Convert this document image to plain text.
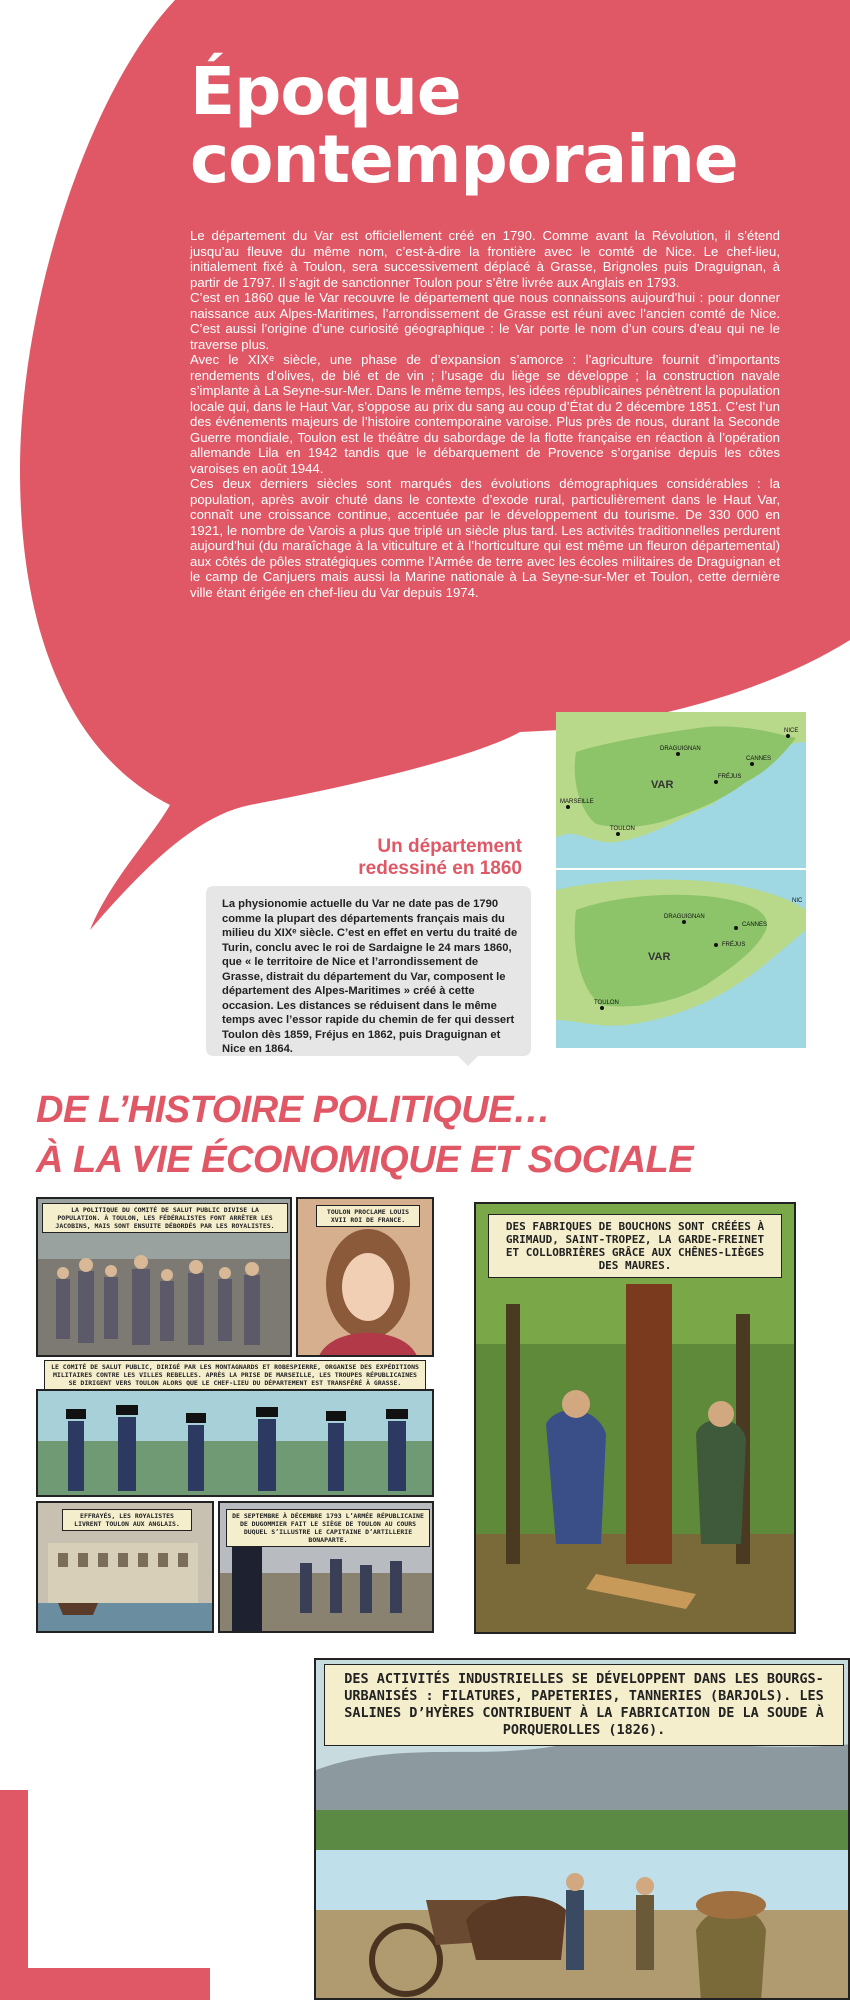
Époque
contemporaine

Le département du Var est officiellement créé en 1790. Comme avant la Révolution, il s’étend jusqu’au fleuve du même nom, c’est-à-dire la frontière avec le comté de Nice. Le chef-lieu, initialement fixé à Toulon, sera successivement déplacé à Grasse, Brignoles puis Draguignan, à partir de 1797. Il s’agit de sanctionner Toulon pour s’être livrée aux Anglais en 1793.

C’est en 1860 que le Var recouvre le département que nous connaissons aujourd’hui : pour donner naissance aux Alpes-Maritimes, l’arrondissement de Grasse est réuni avec l’ancien comté de Nice. C’est aussi l’origine d’une curiosité géographique : le Var porte le nom d’un cours d’eau qui ne le traverse plus.

Avec le XIXᵉ siècle, une phase de d’expansion s’amorce : l’agriculture fournit d’importants rendements d’olives, de blé et de vin ; l’usage du liège se développe ; la construction navale s’implante à La Seyne-sur-Mer. Dans le même temps, les idées républicaines pénètrent la population locale qui, dans le Haut Var, s’oppose au prix du sang au coup d’État du 2 décembre 1851. C’est l’un des événements majeurs de l’histoire contemporaine varoise. Plus près de nous, durant la Seconde Guerre mondiale, Toulon est le théâtre du sabordage de la flotte française en réaction à l’opération allemande Lila en 1942 tandis que le débarquement de Provence s’organise depuis les côtes varoises en août 1944.

Ces deux derniers siècles sont marqués des évolutions démographiques considérables : la population, après avoir chuté dans le contexte d’exode rural, particulièrement dans le Haut Var, connaît une croissance continue, accentuée par le développement du tourisme. De 330 000 en 1921, le nombre de Varois a plus que triplé un siècle plus tard. Les activités traditionnelles perdurent aujourd’hui (du maraîchage à la viticulture et à l’horticulture qui est même un fleuron départemental) aux côtés de pôles stratégiques comme l’Armée de terre avec les écoles militaires de Draguignan et le camp de Canjuers mais aussi la Marine nationale à La Seyne-sur-Mer et Toulon, cette dernière ville étant érigée en chef-lieu du Var depuis 1974.

VAR
DRAGUIGNAN
CANNES
NICE
FRÉJUS
MARSEILLE
TOULON
VAR
DRAGUIGNAN
CANNES
FRÉJUS
TOULON
NIC
Un département
redessiné en 1860
La physionomie actuelle du Var ne date pas de 1790 comme la plupart des départements français mais du milieu du XIXᵉ siècle. C’est en effet en vertu du traité de Turin, conclu avec le roi de Sardaigne le 24 mars 1860, que « le territoire de Nice et l’arrondissement de Grasse, distrait du département du Var, composent le département des Alpes-Maritimes » créé à cette occasion. Les distances se réduisent dans le même temps avec l’essor rapide du chemin de fer qui dessert Toulon dès 1859, Fréjus en 1862, puis Draguignan et Nice en 1864.
DE L’HISTOIRE POLITIQUE…
À LA VIE ÉCONOMIQUE ET SOCIALE
LA POLITIQUE DU COMITÉ DE SALUT PUBLIC DIVISE LA POPULATION. À TOULON, LES FÉDÉRALISTES FONT ARRÊTER LES JACOBINS, MAIS SONT ENSUITE DÉBORDÉS PAR LES ROYALISTES.
TOULON PROCLAME LOUIS XVII ROI DE FRANCE.
LE COMITÉ DE SALUT PUBLIC, DIRIGÉ PAR LES MONTAGNARDS ET ROBESPIERRE, ORGANISE DES EXPÉDITIONS MILITAIRES CONTRE LES VILLES REBELLES. APRÈS LA PRISE DE MARSEILLE, LES TROUPES RÉPUBLICAINES SE DIRIGENT VERS TOULON ALORS QUE LE CHEF-LIEU DU DÉPARTEMENT EST TRANSFÉRÉ À GRASSE.
EFFRAYÉS, LES ROYALISTES LIVRENT TOULON AUX ANGLAIS.
DE SEPTEMBRE À DÉCEMBRE 1793 L’ARMÉE RÉPUBLICAINE DE DUGOMMIER FAIT LE SIÈGE DE TOULON AU COURS DUQUEL S’ILLUSTRE LE CAPITAINE D’ARTILLERIE BONAPARTE.
DES FABRIQUES DE BOUCHONS SONT CRÉÉES À GRIMAUD, SAINT-TROPEZ, LA GARDE-FREINET ET COLLOBRIÈRES GRÂCE AUX CHÊNES-LIÈGES DES MAURES.
DES ACTIVITÉS INDUSTRIELLES SE DÉVELOPPENT DANS LES BOURGS-URBANISÉS : FILATURES, PAPETERIES, TANNERIES (BARJOLS). LES SALINES D’HYÈRES CONTRIBUENT À LA FABRICATION DE LA SOUDE À PORQUEROLLES (1826).
